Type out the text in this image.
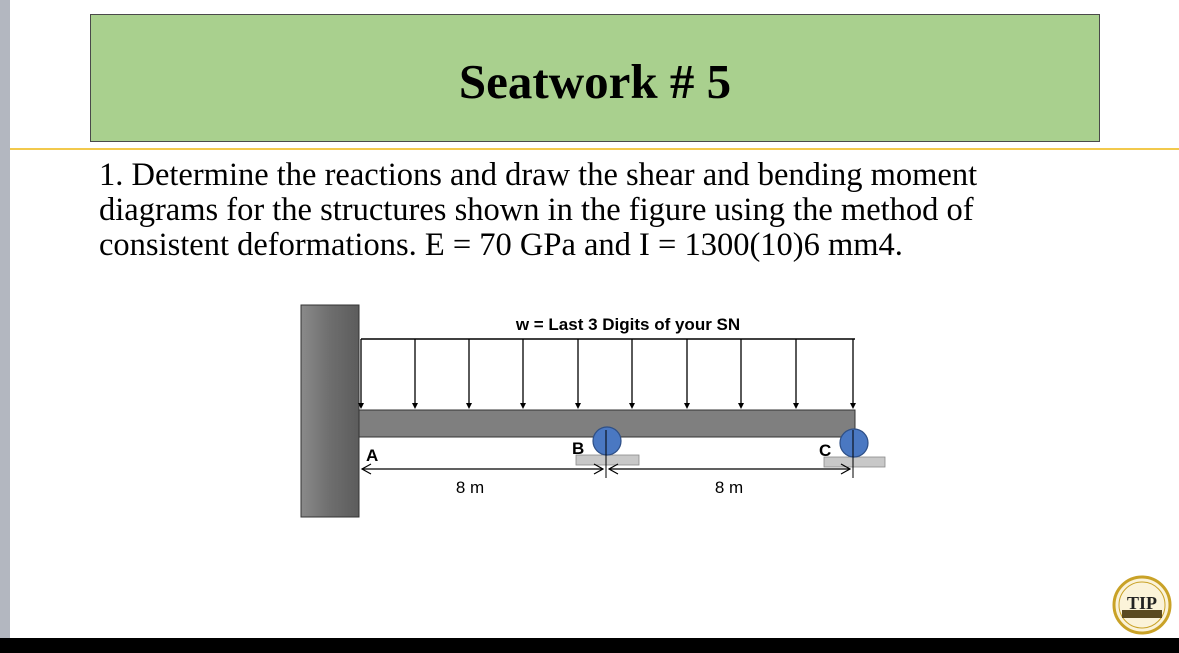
Seatwork # 5

1. Determine the reactions and draw the shear and bending moment diagrams for the structures shown in the figure using the method of consistent deformations. E = 70 GPa and I = 1300(10)6 mm4.

w = Last 3 Digits of your SN
A	B	C
8 m	8 m
TIP
